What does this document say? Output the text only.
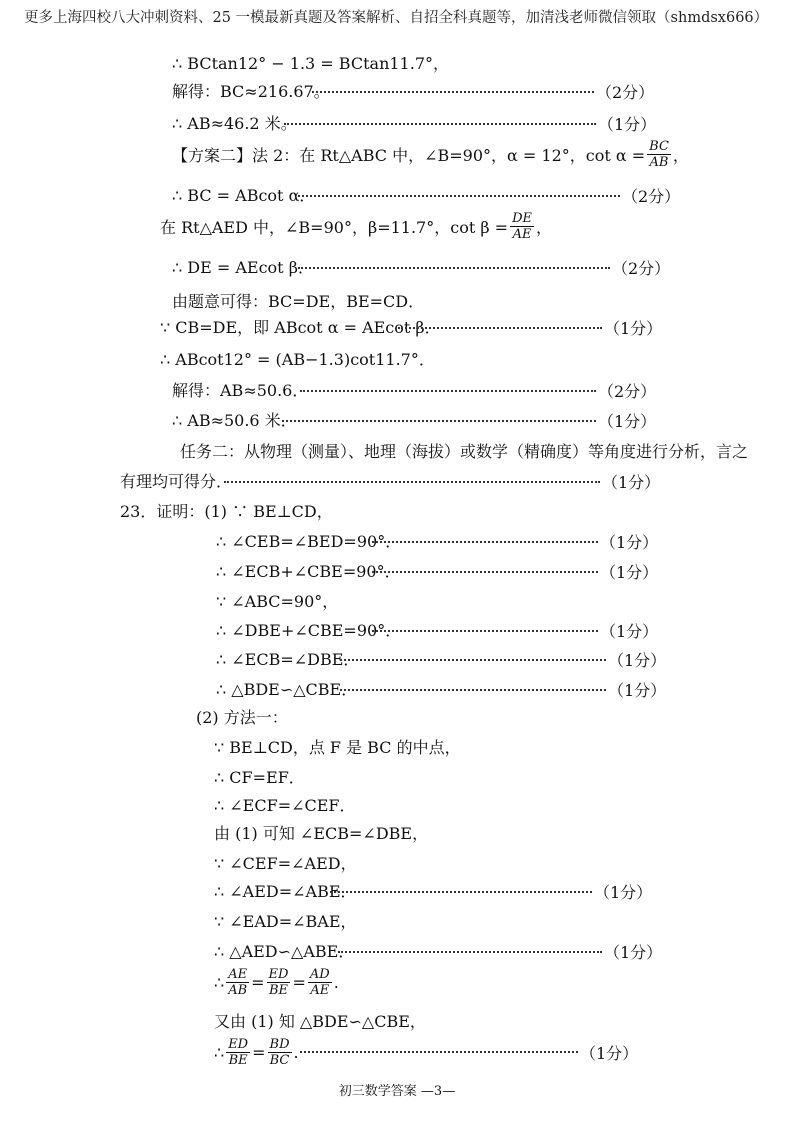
更多上海四校八大冲刺资料、25 一模最新真题及答案解析、自招全科真题等，加清浅老师微信领取（shmdsx666）
∴ BCtan12° − 1.3 = BCtan11.7°，
解得：BC≈216.67。	（2分）
∴ AB≈46.2 米。	（1分）
【方案二】法 2：在 Rt△ABC 中，∠B=90°，α = 12°，$\cot \alpha = \frac{BC}{AB}$ ，
∴ BC = ABcot α．	（2分）
在 Rt△AED 中，∠B=90°，β=11.7°，$\cot \beta = \frac{DE}{AE}$ ，
∴ DE = AEcot β．	（2分）
由题意可得：BC=DE，BE=CD．
∵ CB=DE，即 ABcot α = AEcot β．	（1分）
∴ ABcot12° = (AB−1.3)cot11.7°．
解得：AB≈50.6．	（2分）
∴ AB≈50.6 米．	（1分）
任务二：从物理（测量）、地理（海拔）或数学（精确度）等角度进行分析，言之
有理均可得分．	（1分）
23．证明：(1) ∵ BE⊥CD，
∴ ∠CEB=∠BED=90°．	（1分）
∴ ∠ECB+∠CBE=90°．	（1分）
∵ ∠ABC=90°，
∴ ∠DBE+∠CBE=90°．	（1分）
∴ ∠ECB=∠DBE．	（1分）
∴ △BDE∽△CBE．	（1分）
(2) 方法一：
∵ BE⊥CD，点 F 是 BC 的中点，
∴ CF=EF．
∴ ∠ECF=∠CEF．
由 (1) 可知 ∠ECB=∠DBE，
∵ ∠CEF=∠AED，
∴ ∠AED=∠ABE．	（1分）
∵ ∠EAD=∠BAE，
∴ △AED∽△ABE．	（1分）
∴ $\frac{AE}{AB} = \frac{ED}{BE} = \frac{AD}{AE}$ .
又由 (1) 知 △BDE∽△CBE，
∴ $\frac{ED}{BE} = \frac{BD}{BC}$ .	（1分）
初三数学答案 —3—
